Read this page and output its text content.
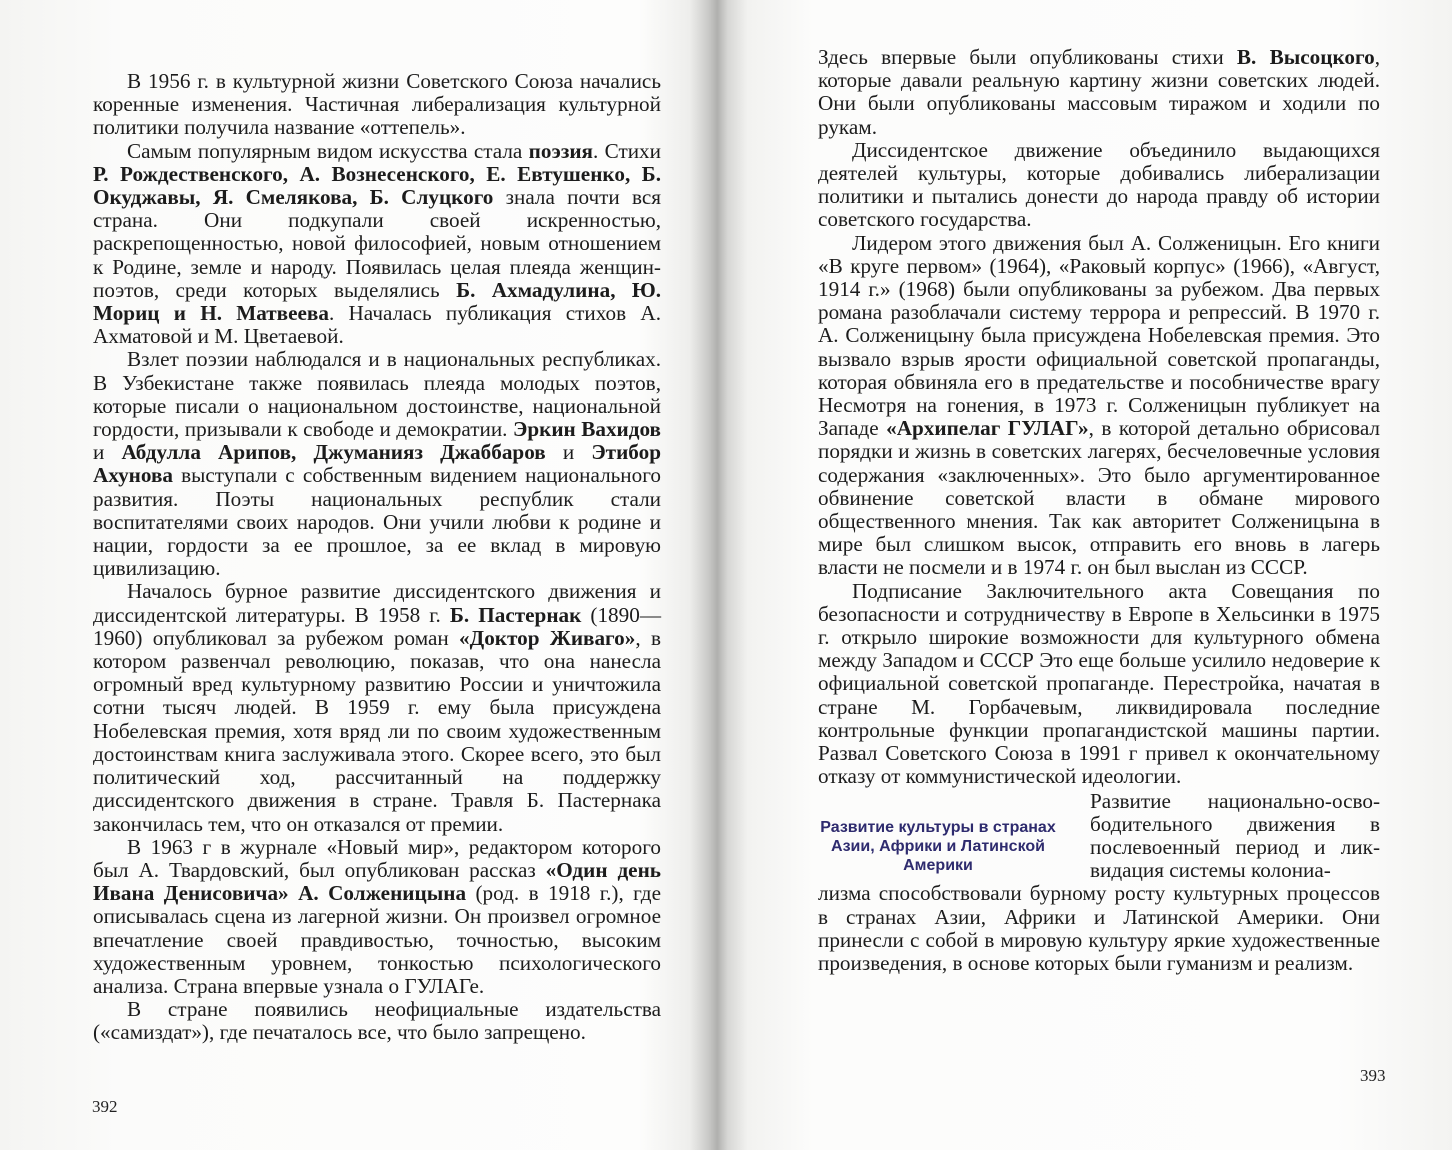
В 1956 г. в культурной жизни Советского Союза начались коренные изменения. Частичная либерализация культурной политики получила название «оттепель».

Самым популярным видом искусства стала поэзия. Стихи Р. Рождественского, А. Вознесенского, Е. Евтушенко, Б. Окуджавы, Я. Смелякова, Б. Слуцкого знала почти вся страна. Они подкупали своей искренностью, раскрепощенностью, новой философией, новым отношением к Родине, земле и народу. Появилась целая плеяда женщин-поэтов, среди которых выделялись Б. Ахмадулина, Ю. Мориц и Н. Матвеева. Началась публикация стихов А. Ахматовой и М. Цветаевой.

Взлет поэзии наблюдался и в национальных республиках. В Узбекистане также появилась плеяда молодых поэтов, которые писали о национальном достоинстве, национальной гордости, призывали к свободе и демократии. Эркин Вахидов и Абдулла Арипов, Джуманияз Джаббаров и Этибор Ахунова выступали с собственным видением национального развития. Поэты национальных республик стали воспитателями своих народов. Они учили любви к родине и нации, гордости за ее прошлое, за ее вклад в мировую цивилизацию.

Началось бурное развитие диссидентского движения и диссидентской литературы. В 1958 г. Б. Пастернак (1890—1960) опубликовал за рубежом роман «Доктор Живаго», в котором развенчал революцию, показав, что она нанесла огромный вред культурному развитию России и уничтожила сотни тысяч людей. В 1959 г. ему была присуждена Нобелевская премия, хотя вряд ли по своим художественным достоинствам книга заслуживала этого. Скорее всего, это был политический ход, рассчитанный на поддержку диссидентского движения в стране. Травля Б. Пастернака закончилась тем, что он отказался от премии.

В 1963 г в журнале «Новый мир», редактором которого был А. Твардовский, был опубликован рассказ «Один день Ивана Денисовича» А. Солженицына (род. в 1918 г.), где описывалась сцена из лагерной жизни. Он произвел огромное впечатление своей правдивостью, точностью, высоким художественным уровнем, тонкостью психологического анализа. Страна впервые узнала о ГУЛАГе.

В стране появились неофициальные издательства («самиздат»), где печаталось все, что было запрещено.

392

Здесь впервые были опубликованы стихи В. Высоцкого, которые давали реальную картину жизни советских людей. Они были опубликованы массовым тиражом и ходили по рукам.

Диссидентское движение объединило выдающихся деятелей культуры, которые добивались либерализации политики и пытались донести до народа правду об истории советского государства.

Лидером этого движения был А. Солженицын. Его книги «В круге первом» (1964), «Раковый корпус» (1966), «Август, 1914 г.» (1968) были опубликованы за рубежом. Два первых романа разоблачали систему террора и репрессий. В 1970 г. А. Солженицыну была присуждена Нобелевская премия. Это вызвало взрыв ярости официальной советской пропаганды, которая обвиняла его в предательстве и пособничестве врагу Несмотря на гонения, в 1973 г. Солженицын публикует на Западе «Архипелаг ГУЛАГ», в которой детально обрисовал порядки и жизнь в советских лагерях, бесчеловечные условия содержания «заключенных». Это было аргументированное обвинение советской власти в обмане мирового общественного мнения. Так как авторитет Солженицына в мире был слишком высок, отправить его вновь в лагерь власти не посмели и в 1974 г. он был выслан из СССР.

Подписание Заключительного акта Совещания по безопасности и сотрудничеству в Европе в Хельсинки в 1975 г. открыло широкие возможности для культурного обмена между Западом и СССР Это еще больше усилило недоверие к официальной советской пропаганде. Перестройка, начатая в стране М. Горбачевым, ликвидировала последние контрольные функции пропагандистской машины партии. Развал Советского Союза в 1991 г привел к окончательному отказу от коммунистической идеологии.

Развитие культуры в странах Азии, Африки и Латинской Америки

Развитие национально-освободительного движения в послевоенный период и ликвидация системы колониа-

лизма способствовали бурному росту культурных процессов в странах Азии, Африки и Латинской Америки. Они принесли с собой в мировую культуру яркие художественные произведения, в основе которых были гуманизм и реализм.

393
